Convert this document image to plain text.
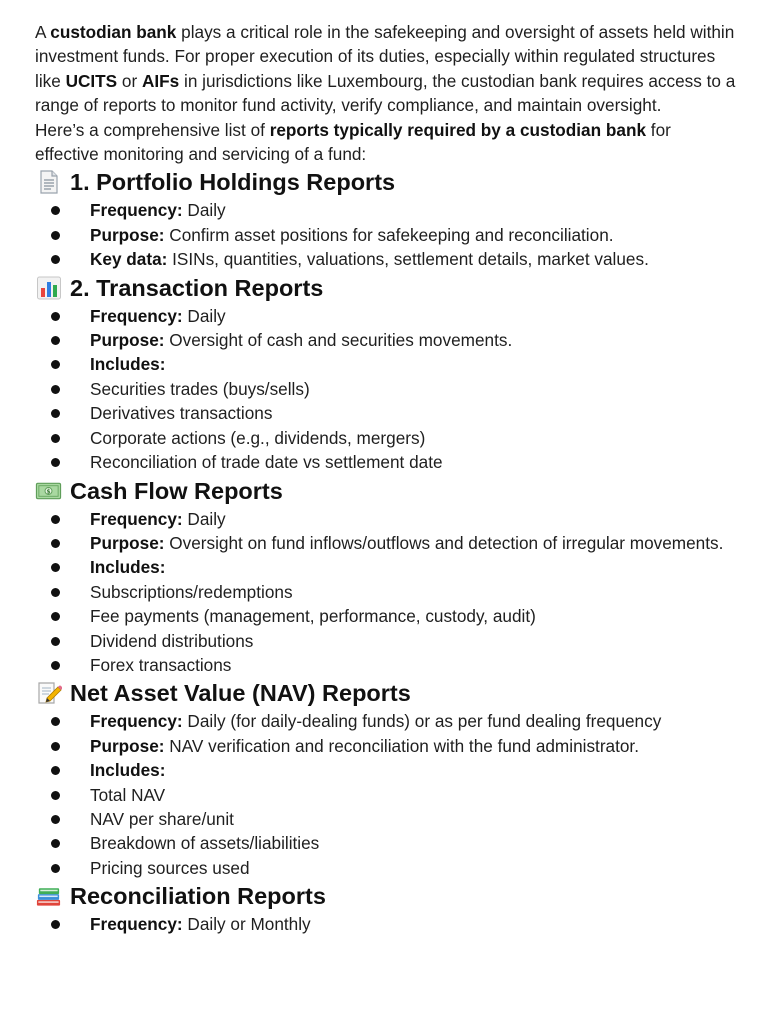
A custodian bank plays a critical role in the safekeeping and oversight of assets held within investment funds. For proper execution of its duties, especially within regulated structures like UCITS or AIFs in jurisdictions like Luxembourg, the custodian bank requires access to a range of reports to monitor fund activity, verify compliance, and maintain oversight.

Here’s a comprehensive list of reports typically required by a custodian bank for effective monitoring and servicing of a fund:

1. Portfolio Holdings Reports
Frequency: Daily
Purpose: Confirm asset positions for safekeeping and reconciliation.
Key data: ISINs, quantities, valuations, settlement details, market values.
2. Transaction Reports
Frequency: Daily
Purpose: Oversight of cash and securities movements.
Includes:
Securities trades (buys/sells)
Derivatives transactions
Corporate actions (e.g., dividends, mergers)
Reconciliation of trade date vs settlement date
$ Cash Flow Reports
Frequency: Daily
Purpose: Oversight on fund inflows/outflows and detection of irregular movements.
Includes:
Subscriptions/redemptions
Fee payments (management, performance, custody, audit)
Dividend distributions
Forex transactions
Net Asset Value (NAV) Reports
Frequency: Daily (for daily-dealing funds) or as per fund dealing frequency
Purpose: NAV verification and reconciliation with the fund administrator.
Includes:
Total NAV
NAV per share/unit
Breakdown of assets/liabilities
Pricing sources used
Reconciliation Reports
Frequency: Daily or Monthly
